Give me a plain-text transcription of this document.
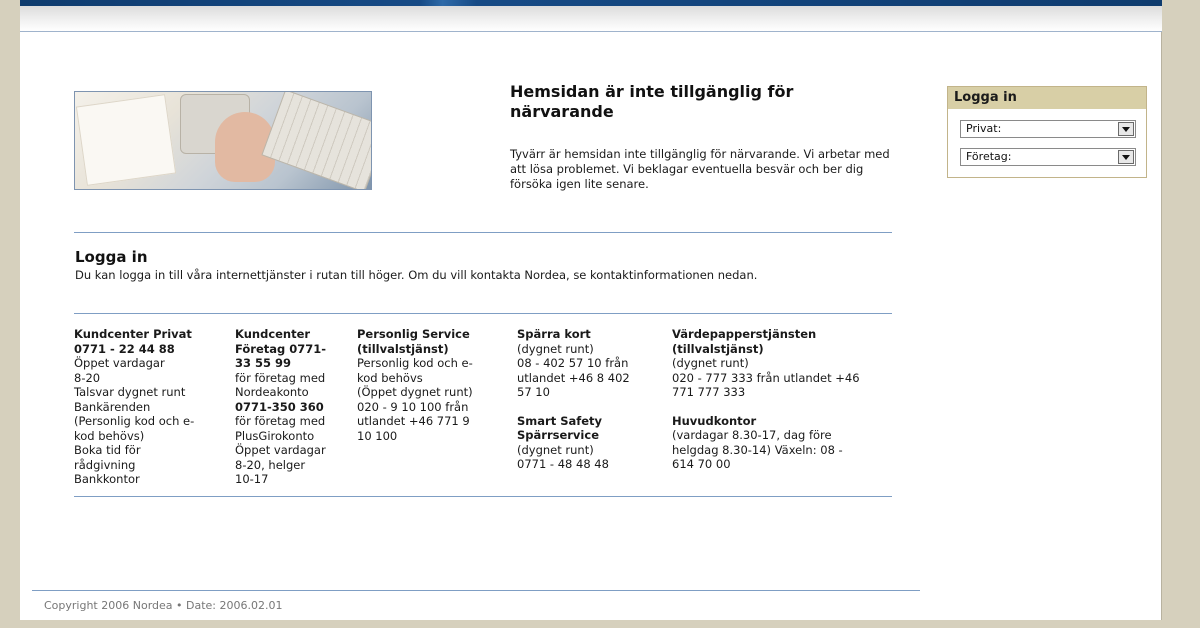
Hemsidan är inte tillgänglig för närvarande
Tyvärr är hemsidan inte tillgänglig för närvarande. Vi arbetar med att lösa problemet. Vi beklagar eventuella besvär och ber dig försöka igen lite senare.
Logga in
Privat:
Företag:
Logga in
Du kan logga in till våra internettjänster i rutan till höger. Om du vill kontakta Nordea, se kontaktinformationen nedan.
Kundcenter Privat
0771 - 22 44 88
Öppet vardagar
8-20
Talsvar dygnet runt
Bankärenden
(Personlig kod och e-
kod behövs)
Boka tid för
rådgivning
Bankkontor
Kundcenter
Företag 0771-
33 55 99
för företag med
Nordeakonto
0771-350 360
för företag med
PlusGirokonto
Öppet vardagar
8-20, helger
10-17
Personlig Service
(tillvalstjänst)
Personlig kod och e-
kod behövs
(Öppet dygnet runt)
020 - 9 10 100 från
utlandet +46 771 9
10 100
Spärra kort
(dygnet runt)
08 - 402 57 10 från
utlandet +46 8 402
57 10
Smart Safety
Spärrservice
(dygnet runt)
0771 - 48 48 48
Värdepapperstjänsten
(tillvalstjänst)
(dygnet runt)
020 - 777 333 från utlandet +46
771 777 333
Huvudkontor
(vardagar 8.30-17, dag före
helgdag 8.30-14) Växeln: 08 -
614 70 00
Copyright 2006 Nordea • Date: 2006.02.01
